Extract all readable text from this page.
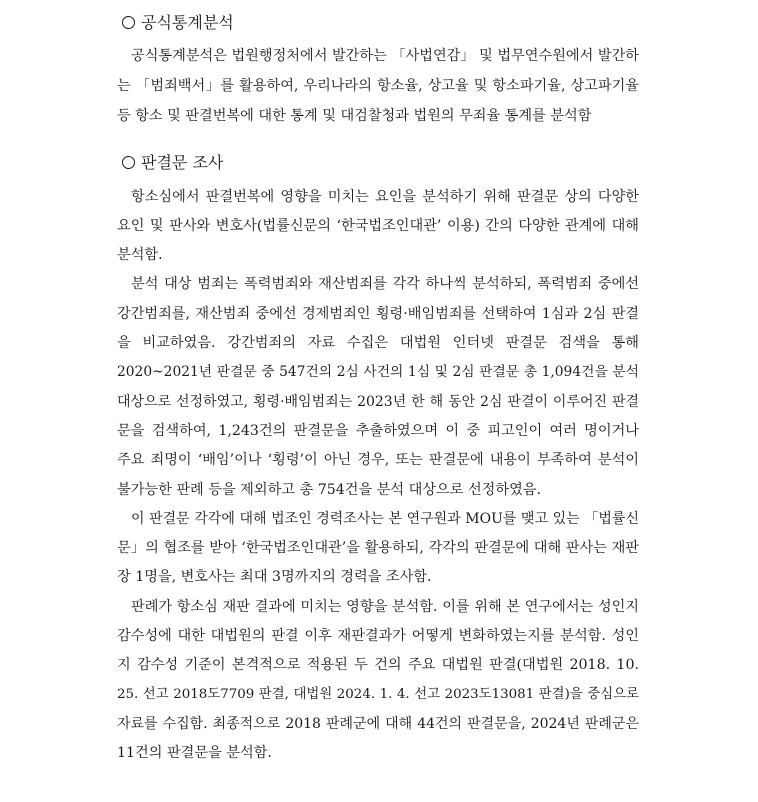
공식통계분석

공식통계분석은 법원행정처에서 발간하는 「사법연감」 및 법무연수원에서 발간하

는 「범죄백서」를 활용하여, 우리나라의 항소율, 상고율 및 항소파기율, 상고파기율

등 항소 및 판결번복에 대한 통계 및 대검찰청과 법원의 무죄율 통계를 분석함

판결문 조사

항소심에서 판결번복에 영향을 미치는 요인을 분석하기 위해 판결문 상의 다양한

요인 및 판사와 변호사(법률신문의 ‘한국법조인대관’ 이용) 간의 다양한 관계에 대해

분석함.

분석 대상 범죄는 폭력범죄와 재산범죄를 각각 하나씩 분석하되, 폭력범죄 중에선

강간범죄를, 재산범죄 중에선 경제범죄인 횡령·배임범죄를 선택하여 1심과 2심 판결

을 비교하였음. 강간범죄의 자료 수집은 대법원 인터넷 판결문 검색을 통해

2020~2021년 판결문 중 547건의 2심 사건의 1심 및 2심 판결문 총 1,094건을 분석

대상으로 선정하였고, 횡령·배임범죄는 2023년 한 해 동안 2심 판결이 이루어진 판결

문을 검색하여, 1,243건의 판결문을 추출하였으며 이 중 피고인이 여러 명이거나

주요 죄명이 ‘배임’이나 ‘횡령’이 아닌 경우, 또는 판결문에 내용이 부족하여 분석이

불가능한 판례 등을 제외하고 총 754건을 분석 대상으로 선정하였음.

이 판결문 각각에 대해 법조인 경력조사는 본 연구원과 MOU를 맺고 있는 「법률신

문」의 협조를 받아 ‘한국법조인대관’을 활용하되, 각각의 판결문에 대해 판사는 재판

장 1명을, 변호사는 최대 3명까지의 경력을 조사함.

판례가 항소심 재판 결과에 미치는 영향을 분석함. 이를 위해 본 연구에서는 성인지

감수성에 대한 대법원의 판결 이후 재판결과가 어떻게 변화하였는지를 분석함. 성인

지 감수성 기준이 본격적으로 적용된 두 건의 주요 대법원 판결(대법원 2018. 10.

25. 선고 2018도7709 판결, 대법원 2024. 1. 4. 선고 2023도13081 판결)을 중심으로

자료를 수집함. 최종적으로 2018 판례군에 대해 44건의 판결문을, 2024년 판례군은

11건의 판결문을 분석함.
